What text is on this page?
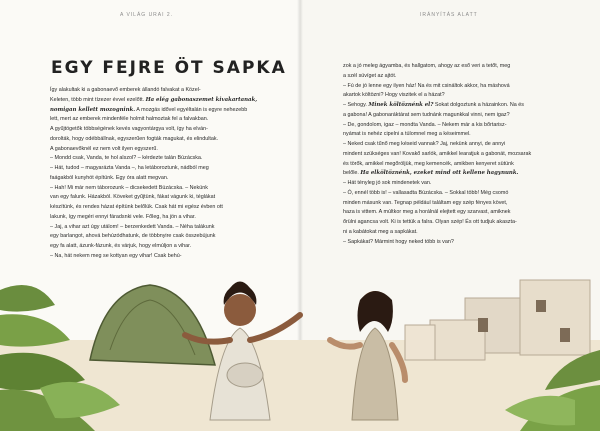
A VILÁG URAI 2.
EGY FEJRE ÖT SAPKA
Így alakultak ki a gabonaevő emberek állandó falvakat a Közel-
Keleten, több mint tízezer évvel ezelőtt. Ha elég gabonaszemet kivakartanak,
nomigan kellett mozognink. A mozgás idővel egyéltalán is egyre nehezebb
lett, mert az emberek mindenféle holmit halmoztak fel a falvakban.
A gyűjtögetők többségének kevés vagyontárgya volt, így ha elván-
dorolták, hogy odébbállnak, egyszerűen fogták magukat, és elindultak.
A gabonaevőknél ez nem volt ilyen egyszerű.
– Mondd csak, Vanda, te hol alszol? – kérdezte talán Búzácska.
– Hát, tudod – magyarázta Vanda –, ha letáboroztunk, nádból meg
faágakból kunyhót építünk. Egy óra alatt megvan.
– Hah! Mi már nem táborozunk – dicsekedett Búzácska. – Nekünk
van egy falunk. Házakból. Köveket gyűjtünk, fákat vágunk ki, téglákat
készítünk, és rendes házat építünk belőlük. Csak hát mi egész évben ott
lakunk, így megéri ennyi fáradsnki vele. Főleg, ha jön a vihar.
– Jaj, a vihar azt úgy utálom! – berzenkedett Vanda. – Néha talákunk
egy barlangot, ahová behúzódhatunk, de többnyire csak összebújunk
egy fa alatt, ázunk-fázunk, és várjuk, hogy elmúljon a vihar.
– Na, hát nekem meg se kottyan egy vihar! Csak behú-
IRÁNYÍTÁS ALATT
zok a jó meleg ágyamba, és hallgatom, ahogy az eső veri a tetőt, meg
a szél süvíget az ajtót.
– Fú de jó lenne egy ilyen ház! Na és mit csináltok akkor, ha máshová
akartok költözni? Hogy viszitek el a házat?
– Sehogy. Minek költöznénk el? Sokat dolgoztunk a házainkon. Na és
a gabona! A gabonaráktárat sem tudnánk magunkkal vinni, nem igaz?
– De, gondolom, igaz – mondta Vanda. – Nekem már a kis bőrtarisz-
nyámat is nehéz cipelni a túlomnel meg a késeimmel.
– Neked csak tűnő meg késeid vannak? Jaj, nekünk annyi, de annyi
mindent szükséges van! Kovakő sarlók, amikkel learatjuk a gabonát, mozsarak
és törők, amikkel megőröljük, meg kemencék, amikben kenyeret sütünk
belőle. Ha elköltöznénk, ezeket mind ott kellene hagynunk.
– Hát tényleg jó sok mindenetek van.
– Ó, ennél több is! – vallasadta Búzácska. – Sokkal több! Még csomó
minden másunk van. Tegnap például találtam egy szép fényes követ,
haza is vittem. A múltkor meg a horálnál elejtett egy szarvast, amiknek
őrülni agancsa volt. Ki is tettük a falra. Olyan szép! És ott tudjuk akaszta-
ni a kabátokat meg a sapkákat.
– Sapkákat? Mármint hogy neked több is van?
